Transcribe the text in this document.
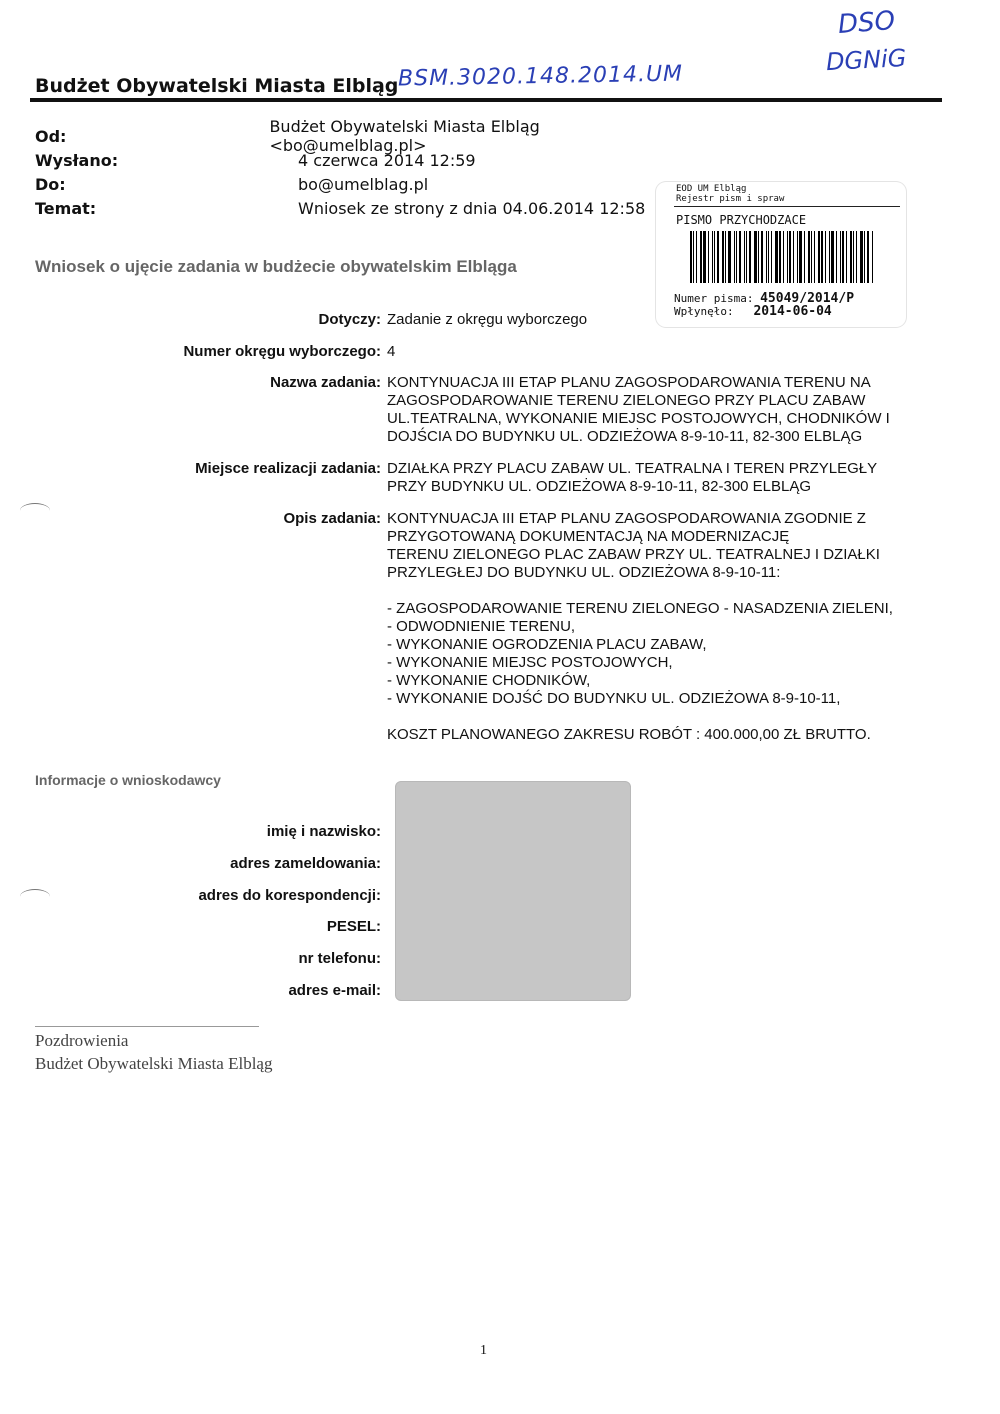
DSO
DGNiG
BSM.3020.148.2014.UM
Budżet Obywatelski Miasta Elbląg
Od:	Budżet Obywatelski Miasta Elbląg <bo@umelblag.pl>
Wysłano:	4 czerwca 2014 12:59
Do:	bo@umelblag.pl
Temat:	Wniosek ze strony z dnia 04.06.2014 12:58
EOD UM Elbląg
Rejestr pism i spraw
PISMO PRZYCHODZACE
Numer pisma: 45049/2014/P
Wpłynęło: 2014-06-04
Wniosek o ujęcie zadania w budżecie obywatelskim Elbląga
Dotyczy: Zadanie z okręgu wyborczego
Numer okręgu wyborczego: 4
Nazwa zadania: KONTYNUACJA III ETAP PLANU ZAGOSPODAROWANIA TERENU NA
ZAGOSPODAROWANIE TERENU ZIELONEGO PRZY PLACU ZABAW
UL.TEATRALNA, WYKONANIE MIEJSC POSTOJOWYCH, CHODNIKÓW I
DOJŚCIA DO BUDYNKU UL. ODZIEŻOWA 8-9-10-11, 82-300 ELBLĄG
Miejsce realizacji zadania: DZIAŁKA PRZY PLACU ZABAW UL. TEATRALNA I TEREN PRZYLEGŁY
PRZY BUDYNKU UL. ODZIEŻOWA 8-9-10-11, 82-300 ELBLĄG
Opis zadania: KONTYNUACJA III ETAP PLANU ZAGOSPODAROWANIA ZGODNIE Z
PRZYGOTOWANĄ DOKUMENTACJĄ NA MODERNIZACJĘ
TERENU ZIELONEGO PLAC ZABAW PRZY UL. TEATRALNEJ I DZIAŁKI
PRZYLEGŁEJ DO BUDYNKU UL. ODZIEŻOWA 8-9-10-11:

- ZAGOSPODAROWANIE TERENU ZIELONEGO - NASADZENIA ZIELENI,
- ODWODNIENIE TERENU,
- WYKONANIE OGRODZENIA PLACU ZABAW,
- WYKONANIE MIEJSC POSTOJOWYCH,
- WYKONANIE CHODNIKÓW,
- WYKONANIE DOJŚĆ DO BUDYNKU UL. ODZIEŻOWA 8-9-10-11,

KOSZT PLANOWANEGO ZAKRESU ROBÓT : 400.000,00 ZŁ BRUTTO.
Informacje o wnioskodawcy
imię i nazwisko:
adres zameldowania:
adres do korespondencji:
PESEL:
nr telefonu:
adres e-mail:
Pozdrowienia
Budżet Obywatelski Miasta Elbląg
1
